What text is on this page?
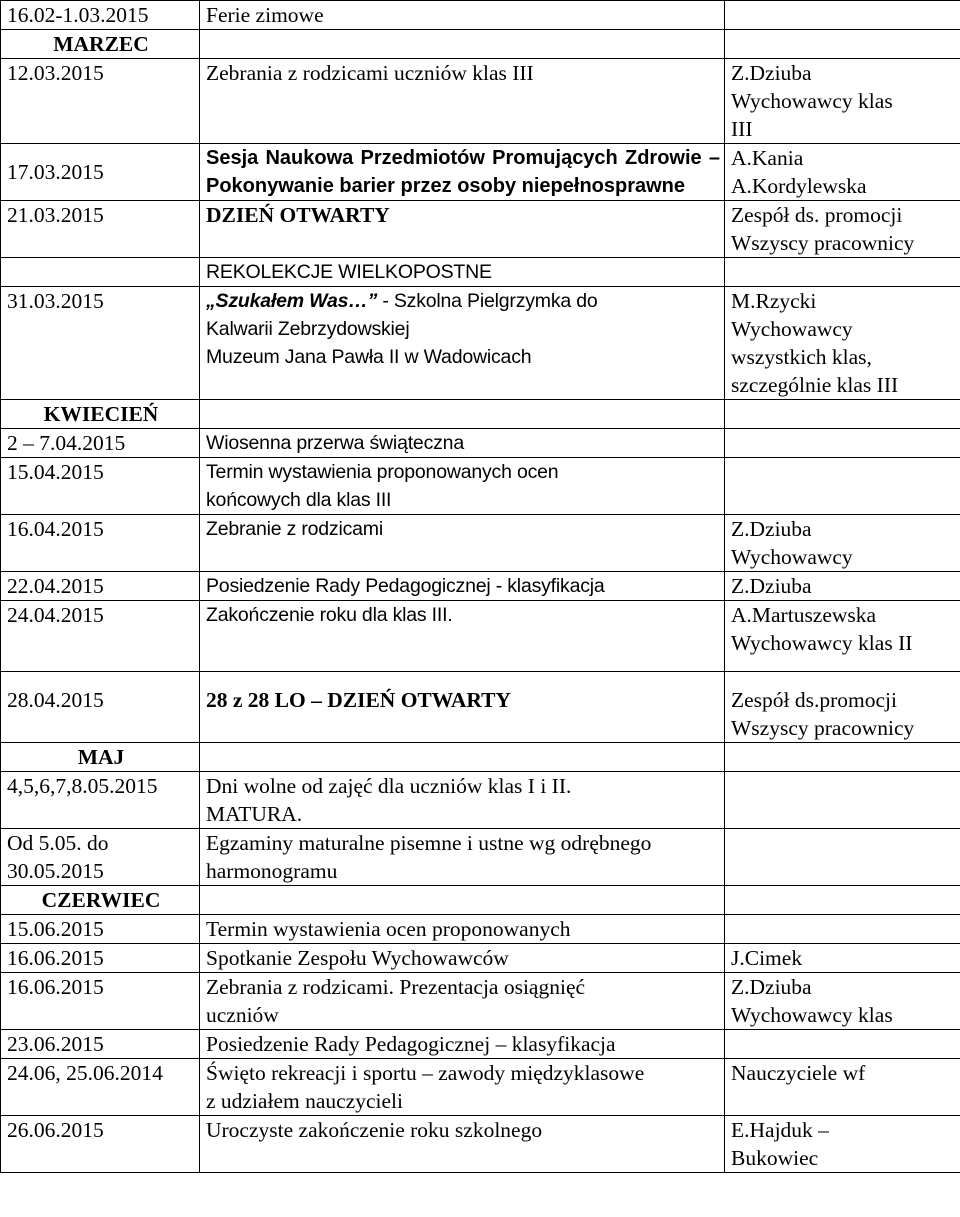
16.02-1.03.2015	Ferie zimowe	
MARZEC		
12.03.2015	Zebrania z rodzicami uczniów klas III	Z.Dziuba
Wychowawcy klas
III

17.03.2015	Sesja Naukowa Przedmiotów Promujących Zdrowie – Pokonywanie barier przez osoby niepełnosprawne	A.Kania
A.Kordylewska

21.03.2015	DZIEŃ OTWARTY	Zespół ds. promocji
Wszyscy pracownicy

	REKOLEKCJE WIELKOPOSTNE	
31.03.2015	„Szukałem Was…” - Szkolna Pielgrzymka do
Kalwarii Zebrzydowskiej
Muzeum Jana Pawła II w Wadowicach	M.Rzycki
Wychowawcy
wszystkich klas,
szczególnie klas III

KWIECIEŃ		
2 – 7.04.2015	Wiosenna przerwa świąteczna	
15.04.2015	Termin wystawienia proponowanych ocen
końcowych dla klas III	

16.04.2015	Zebranie z rodzicami	Z.Dziuba
Wychowawcy

22.04.2015	Posiedzenie Rady Pedagogicznej - klasyfikacja	Z.Dziuba

24.04.2015	Zakończenie roku dla klas III.	A.Martuszewska
Wychowawcy klas II

28.04.2015	28 z 28 LO – DZIEŃ OTWARTY	Zespół ds.promocji
Wszyscy pracownicy

MAJ		
4,5,6,7,8.05.2015	Dni wolne od zajęć dla uczniów klas I i II.
MATURA.	

Od 5.05. do
30.05.2015	Egzaminy maturalne pisemne i ustne wg odrębnego
harmonogramu	

CZERWIEC		
15.06.2015	Termin wystawienia ocen proponowanych	
16.06.2015	Spotkanie Zespołu Wychowawców	J.Cimek

16.06.2015	Zebrania z rodzicami. Prezentacja osiągnięć
uczniów	Z.Dziuba
Wychowawcy klas

23.06.2015	Posiedzenie Rady Pedagogicznej – klasyfikacja	
24.06, 25.06.2014	Święto rekreacji i sportu – zawody międzyklasowe
z udziałem nauczycieli	Nauczyciele wf

26.06.2015	Uroczyste zakończenie roku szkolnego	E.Hajduk –
Bukowiec
